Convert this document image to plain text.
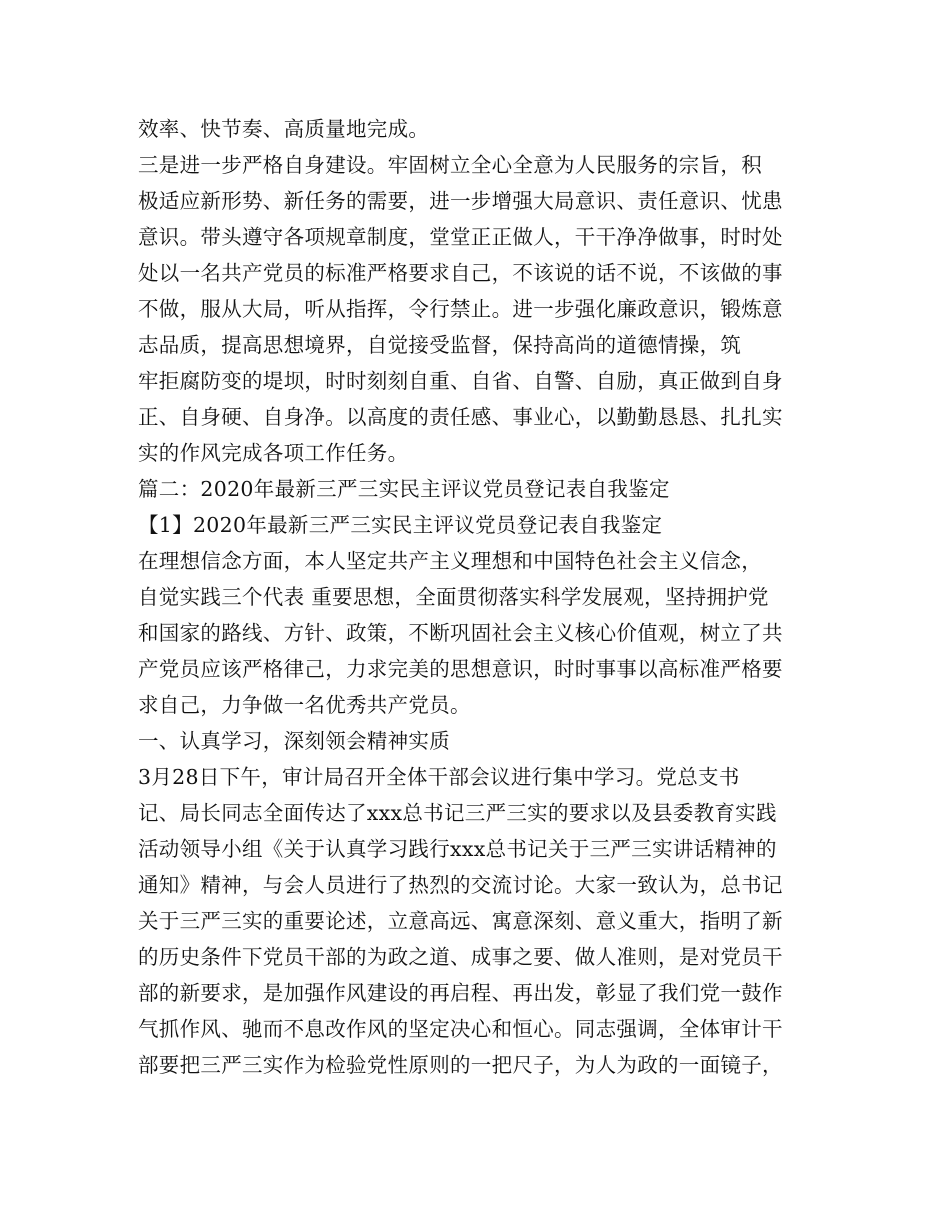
效率、快节奏、高质量地完成。
三是进一步严格自身建设。牢固树立全心全意为人民服务的宗旨，积
极适应新形势、新任务的需要，进一步增强大局意识、责任意识、忧患
意识。带头遵守各项规章制度，堂堂正正做人，干干净净做事，时时处
处以一名共产党员的标准严格要求自己，不该说的话不说，不该做的事
不做，服从大局，听从指挥，令行禁止。进一步强化廉政意识，锻炼意
志品质，提高思想境界，自觉接受监督，保持高尚的道德情操，筑
牢拒腐防变的堤坝，时时刻刻自重、自省、自警、自励，真正做到自身
正、自身硬、自身净。以高度的责任感、事业心，以勤勤恳恳、扎扎实
实的作风完成各项工作任务。
篇二：2020年最新三严三实民主评议党员登记表自我鉴定
【1】2020年最新三严三实民主评议党员登记表自我鉴定
在理想信念方面，本人坚定共产主义理想和中国特色社会主义信念，
自觉实践三个代表 重要思想，全面贯彻落实科学发展观，坚持拥护党
和国家的路线、方针、政策，不断巩固社会主义核心价值观，树立了共
产党员应该严格律己，力求完美的思想意识，时时事事以高标准严格要
求自己，力争做一名优秀共产党员。
一、认真学习，深刻领会精神实质
3月28日下午，审计局召开全体干部会议进行集中学习。党总支书
记、局长同志全面传达了xxx总书记三严三实的要求以及县委教育实践
活动领导小组《关于认真学习践行xxx总书记关于三严三实讲话精神的
通知》精神，与会人员进行了热烈的交流讨论。大家一致认为，总书记
关于三严三实的重要论述，立意高远、寓意深刻、意义重大，指明了新
的历史条件下党员干部的为政之道、成事之要、做人准则，是对党员干
部的新要求，是加强作风建设的再启程、再出发，彰显了我们党一鼓作
气抓作风、驰而不息改作风的坚定决心和恒心。同志强调，全体审计干
部要把三严三实作为检验党性原则的一把尺子，为人为政的一面镜子，
